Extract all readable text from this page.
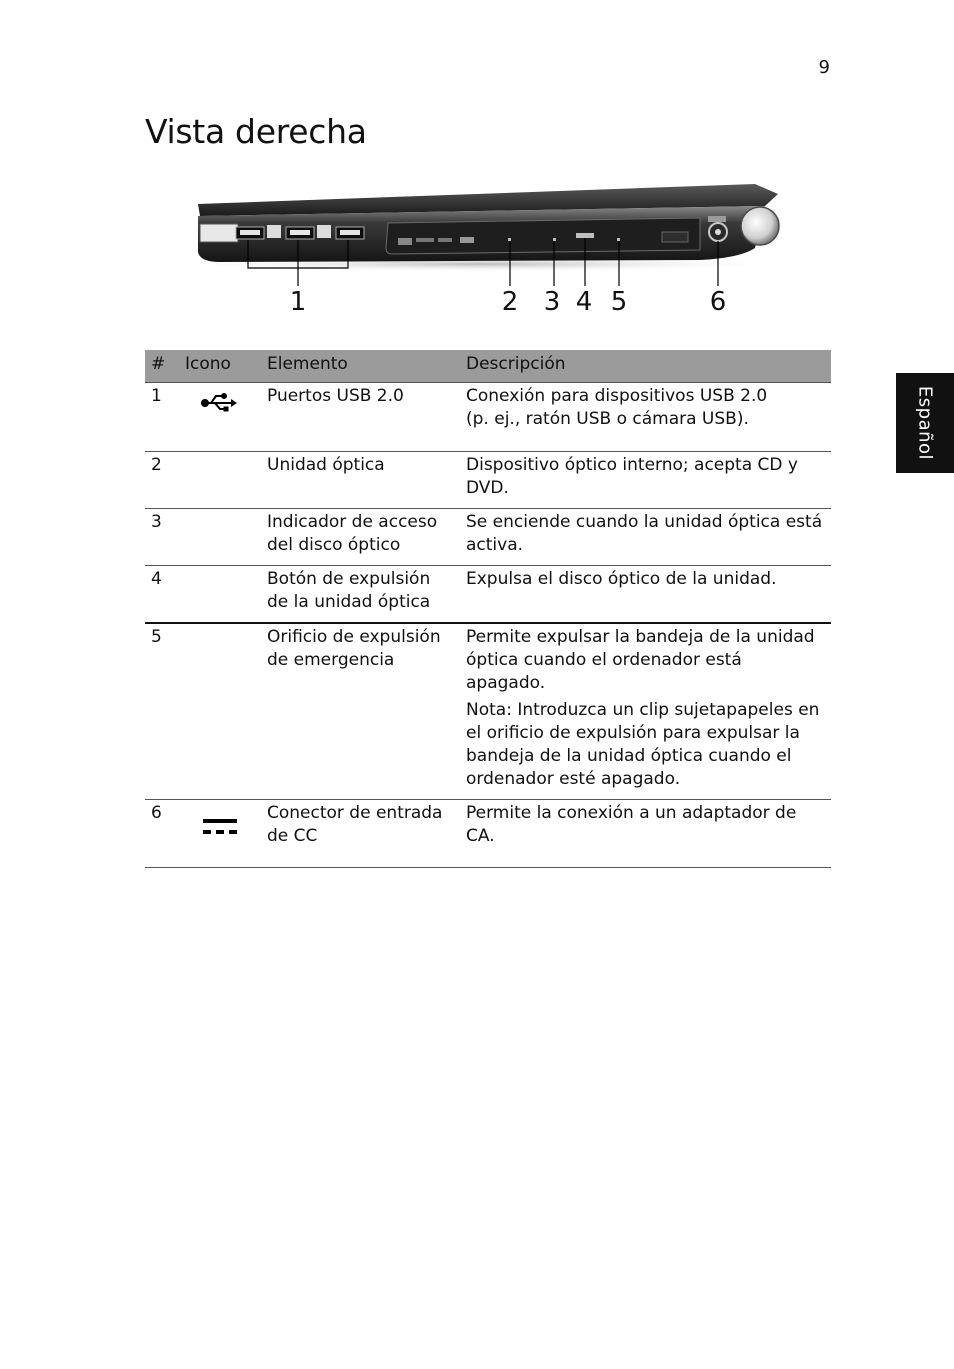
9
Vista derecha
Español
1	2 3 4 5	6
#	Icono	Elemento	Descripción
1		Puertos USB 2.0	Conexión para dispositivos USB 2.0
(p. ej., ratón USB o cámara USB).

2		Unidad óptica	Dispositivo óptico interno; acepta CD y DVD.
3		Indicador de acceso del disco óptico	Se enciende cuando la unidad óptica está activa.
4		Botón de expulsión de la unidad óptica	Expulsa el disco óptico de la unidad.
5		Orificio de expulsión de emergencia	Permite expulsar la bandeja de la unidad óptica cuando el ordenador está apagado.

Nota: Introduzca un clip sujetapapeles en el orificio de expulsión para expulsar la bandeja de la unidad óptica cuando el ordenador esté apagado.

6		Conector de entrada de CC	Permite la conexión a un adaptador de CA.
